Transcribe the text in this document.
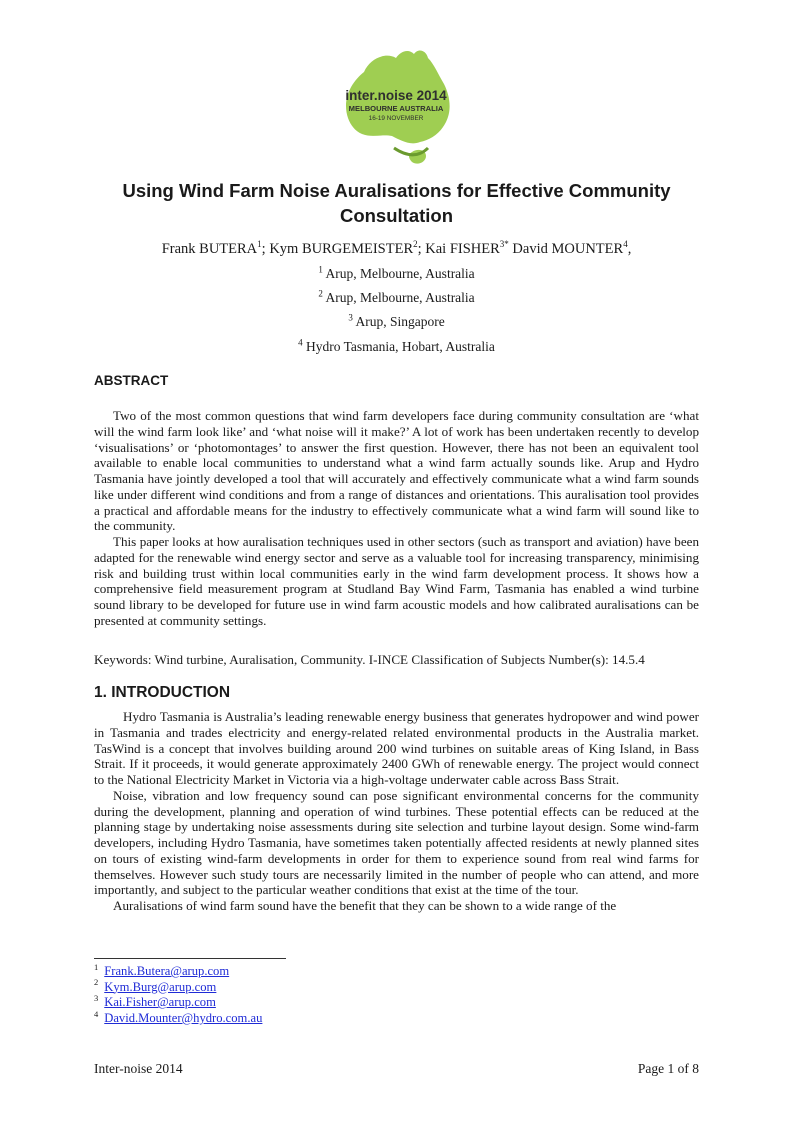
inter.noise 2014
MELBOURNE AUSTRALIA
16-19 NOVEMBER
Using Wind Farm Noise Auralisations for Effective Community
Consultation
Frank BUTERA$^1$; Kym BURGEMEISTER$^2$; Kai $FISHER^{3*}$ David MOUNTER$^4$,
$^1$ Arup, Melbourne, Australia
$^2$ Arup, Melbourne, Australia
$^3$ Arup, Singapore
$^4$ Hydro Tasmania, Hobart, Australia
ABSTRACT

Two of the most common questions that wind farm developers face during community consultation are ‘what will the wind farm look like’ and ‘what noise will it make?’ A lot of work has been undertaken recently to develop ‘visualisations’ or ‘photomontages’ to answer the first question. However, there has not been an equivalent tool available to enable local communities to understand what a wind farm actually sounds like. Arup and Hydro Tasmania have jointly developed a tool that will accurately and effectively communicate what a wind farm sounds like under different wind conditions and from a range of distances and orientations. This auralisation tool provides a practical and affordable means for the industry to effectively communicate what a wind farm will sound like to the community.

This paper looks at how auralisation techniques used in other sectors (such as transport and aviation) have been adapted for the renewable wind energy sector and serve as a valuable tool for increasing transparency, minimising risk and building trust within local communities early in the wind farm development process. It shows how a comprehensive field measurement program at Studland Bay Wind Farm, Tasmania has enabled a wind turbine sound library to be developed for future use in wind farm acoustic models and how calibrated auralisations can be presented at community settings.

Keywords: Wind turbine, Auralisation, Community. I-INCE Classification of Subjects Number(s): 14.5.4
1. INTRODUCTION

Hydro Tasmania is Australia’s leading renewable energy business that generates hydropower and wind power in Tasmania and trades electricity and energy-related related environmental products in the Australia market. TasWind is a concept that involves building around 200 wind turbines on suitable areas of King Island, in Bass Strait. If it proceeds, it would generate approximately 2400 GWh of renewable energy. The project would connect to the National Electricity Market in Victoria via a high-voltage underwater cable across Bass Strait.

Noise, vibration and low frequency sound can pose significant environmental concerns for the community during the development, planning and operation of wind turbines. These potential effects can be reduced at the planning stage by undertaking noise assessments during site selection and turbine layout design. Some wind-farm developers, including Hydro Tasmania, have sometimes taken potentially affected residents at newly planned sites on tours of existing wind-farm developments in order for them to experience sound from real wind farms for themselves. However such study tours are necessarily limited in the number of people who can attend, and more importantly, and subject to the particular weather conditions that exist at the time of the tour.

Auralisations of wind farm sound have the benefit that they can be shown to a wide range of the

$^1$ Frank.Butera@arup.com
$^2$ Kym.Burg@arup.com
$^3$ Kai.Fisher@arup.com
$^4$ David.Mounter@hydro.com.au
Inter-noise 2014	Page 1 of 8
